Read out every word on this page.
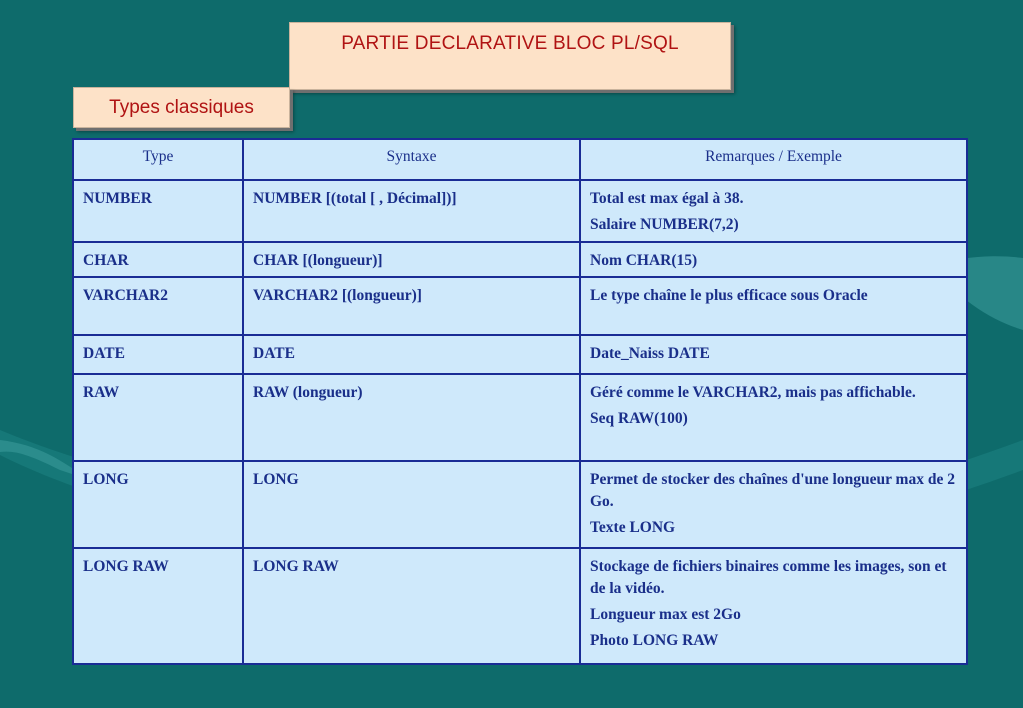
PARTIE DECLARATIVE BLOC PL/SQL
Types classiques
Type	Syntaxe	Remarques / Exemple
NUMBER	NUMBER [(total [ , Décimal])]	Total est max égal à 38.
Salaire NUMBER(7,2)

CHAR	CHAR [(longueur)]	Nom CHAR(15)

VARCHAR2	VARCHAR2 [(longueur)]	Le type chaîne le plus efficace sous Oracle

DATE	DATE	Date_Naiss DATE

RAW	RAW (longueur)	Géré comme le VARCHAR2, mais pas affichable.
Seq RAW(100)

LONG	LONG	Permet de stocker des chaînes d'une longueur max de 2 Go.
Texte LONG

LONG RAW	LONG RAW	Stockage de fichiers binaires comme les images, son et de la vidéo.
Longueur max est 2Go
Photo LONG RAW
